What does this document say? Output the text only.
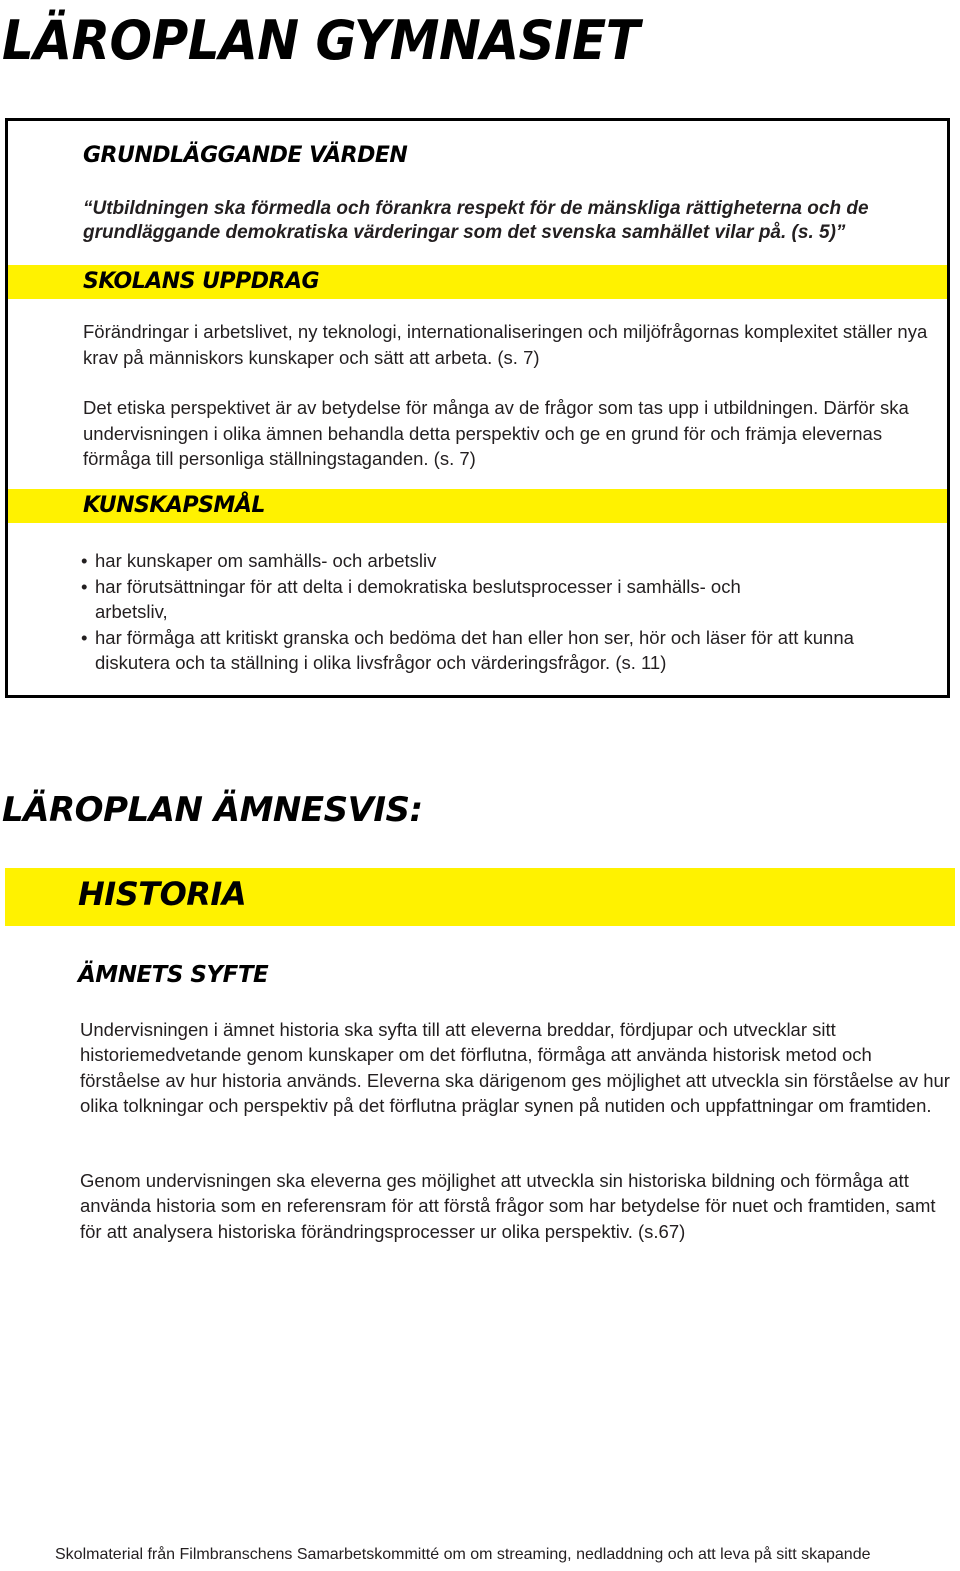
LÄROPLAN GYMNASIET
GRUNDLÄGGANDE VÄRDEN

“Utbildningen ska förmedla och förankra respekt för de mänskliga rättigheterna och de grundläggande demokratiska värderingar som det svenska samhället vilar på. (s. 5)”

SKOLANS UPPDRAG

Förändringar i arbetslivet, ny teknologi, internationaliseringen och miljöfrågornas komplexitet ställer nya krav på människors kunskaper och sätt att arbeta. (s. 7)

Det etiska perspektivet är av betydelse för många av de frågor som tas upp i utbildningen. Därför ska undervisningen i olika ämnen behandla detta perspektiv och ge en grund för och främja elevernas förmåga till personliga ställningstaganden. (s. 7)

KUNSKAPSMÅL
• har kunskaper om samhälls- och arbetsliv
• har förutsättningar för att delta i demokratiska beslutsprocesser i samhälls- och arbetsliv,
• har förmåga att kritiskt granska och bedöma det han eller hon ser, hör och läser för att kunna diskutera och ta ställning i olika livsfrågor och värderingsfrågor. (s. 11)
LÄROPLAN ÄMNESVIS:
HISTORIA
ÄMNETS SYFTE

Undervisningen i ämnet historia ska syfta till att eleverna breddar, fördjupar och utvecklar sitt historiemedvetande genom kunskaper om det förflutna, förmåga att använda historisk metod och förståelse av hur historia används. Eleverna ska därigenom ges möjlighet att utveckla sin förståelse av hur olika tolkningar och perspektiv på det förflutna präglar synen på nutiden och uppfattningar om framtiden.

Genom undervisningen ska eleverna ges möjlighet att utveckla sin historiska bildning och förmåga att använda historia som en referensram för att förstå frågor som har betydelse för nuet och framtiden, samt för att analysera historiska förändringsprocesser ur olika perspektiv. (s.67)

Skolmaterial från Filmbranschens Samarbetskommitté om om streaming, nedladdning och att leva på sitt skapande
